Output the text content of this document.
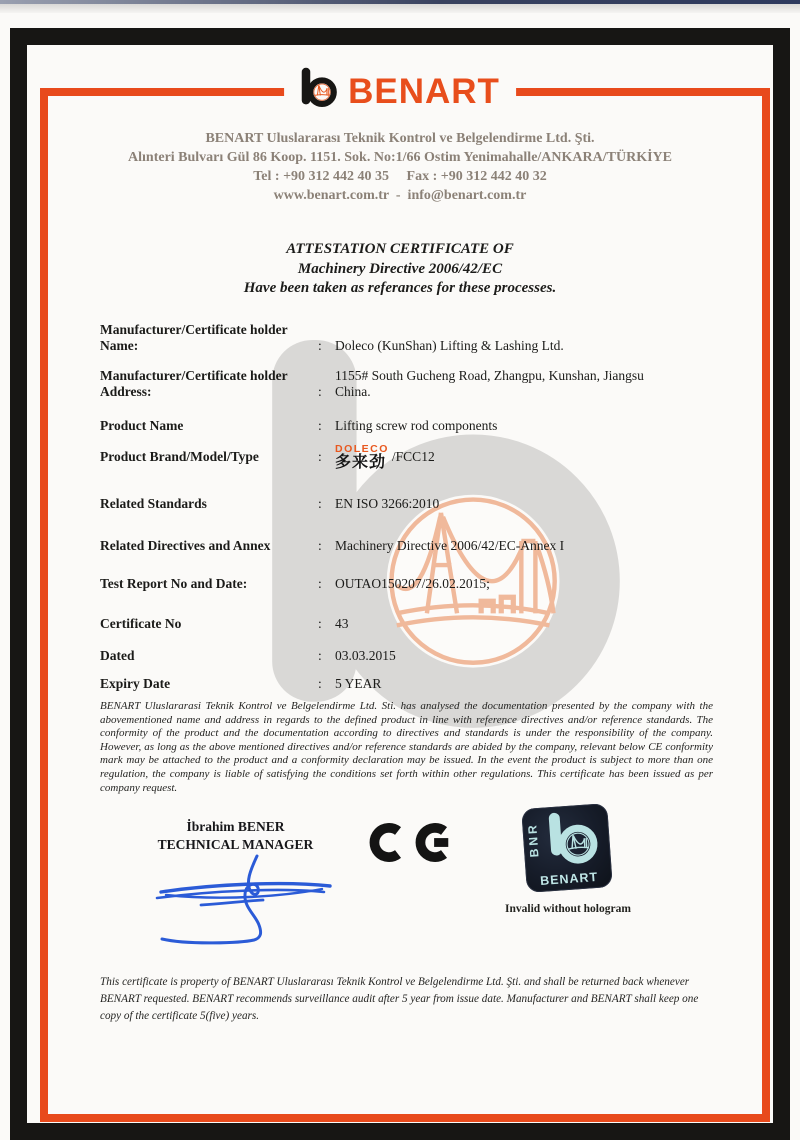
BENART
BENART Uluslararası Teknik Kontrol ve Belgelendirme Ltd. Şti.
Alınteri Bulvarı Gül 86 Koop. 1151. Sok. No:1/66 Ostim Yenimahalle/ANKARA/TÜRKİYE
Tel : +90 312 442 40 35     Fax : +90 312 442 40 32
www.benart.com.tr  -  info@benart.com.tr
ATTESTATION CERTIFICATE OF
Machinery Directive 2006/42/EC
Have been taken as referances for these processes.
Manufacturer/Certificate holder
Name:	: Doleco (KunShan) Lifting & Lashing Ltd.
Manufacturer/Certificate holder
Address:	:
1155# South Gucheng Road, Zhangpu, Kunshan, Jiangsu China.
Product Name	: Lifting screw rod components
Product Brand/Model/Type	:
DOLECO
多来劲 /FCC12
Related Standards	: EN ISO 3266:2010
Related Directives and Annex	: Machinery Directive 2006/42/EC-Annex I
Test Report No and Date:	: OUTAO150207/26.02.2015;
Certificate No	: 43
Dated	: 03.03.2015
Expiry Date	: 5 YEAR
BENART Uluslararasi Teknik Kontrol ve Belgelendirme Ltd. Sti. has analysed the documentation presented by the company with the abovementioned name and address in regards to the defined product in line with reference directives and/or reference standards. The conformity of the product and the documentation according to directives and standards is under the responsibility of the company. However, as long as the above mentioned directives and/or reference standards are abided by the company, relevant below CE conformity mark may be attached to the product and a conformity declaration may be issued. In the event the product is subject to more than one regulation, the company is liable of satisfying the conditions set forth within other regulations. This certificate has been issued as per company request.
İbrahim BENER
TECHNICAL MANAGER	BNR
BENART
Invalid without hologram
This certificate is property of BENART Uluslararası Teknik Kontrol ve Belgelendirme Ltd. Şti. and shall be returned back whenever BENART requested. BENART recommends surveillance audit after 5 year from issue date. Manufacturer and BENART shall keep one copy of the certificate 5(five) years.
